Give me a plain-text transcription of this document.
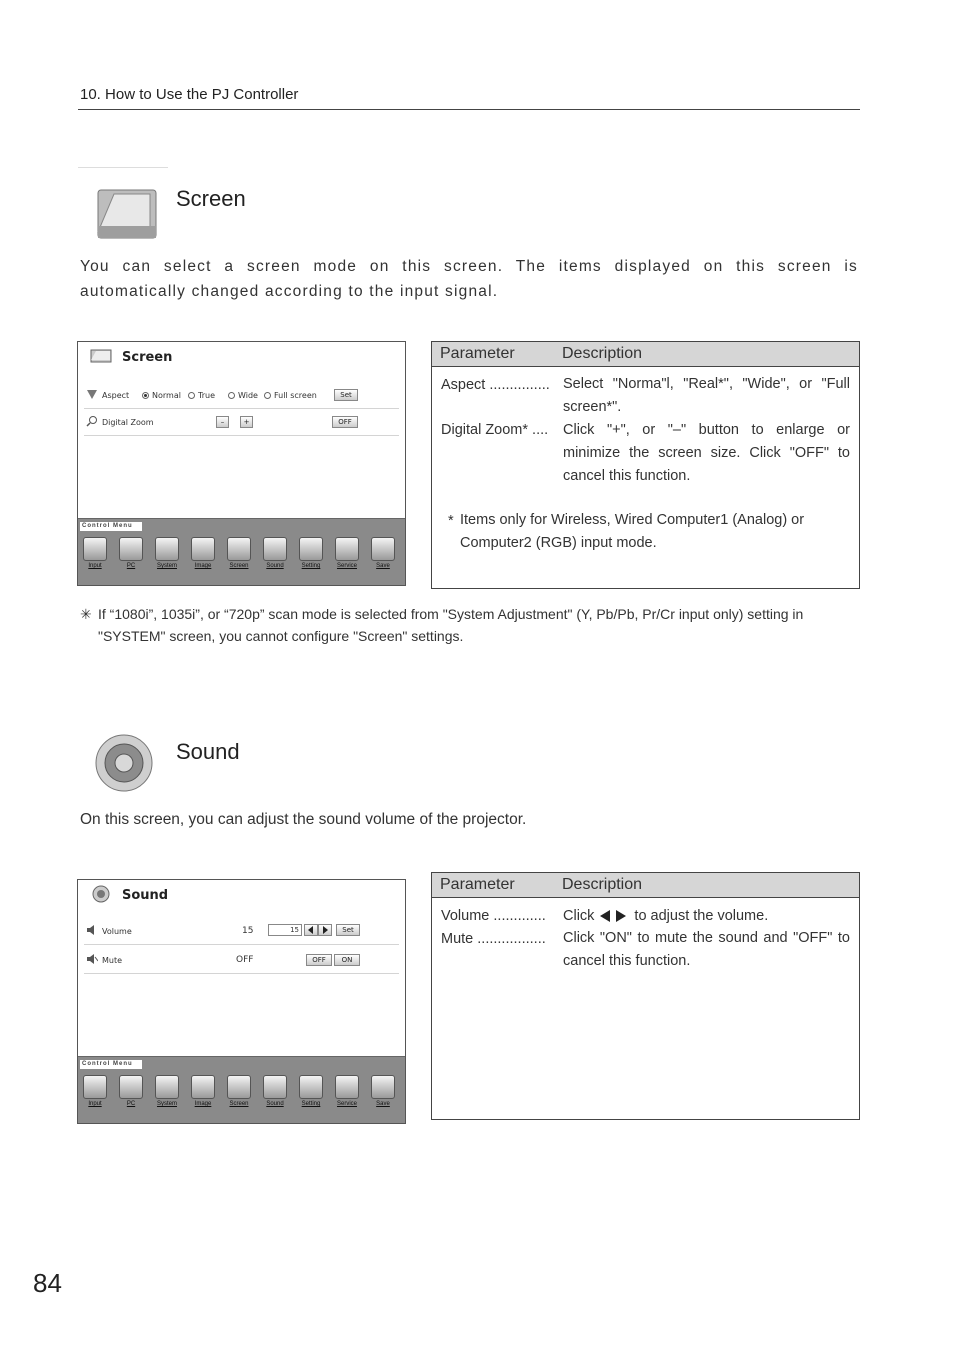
10. How to Use the PJ Controller
Screen
You can select a screen mode on this screen. The items displayed on this screen is automatically changed according to the input signal.
Screen
Aspect	Normal True	Wide Full screen	Set
Digital Zoom	–	+	OFF
Control Menu
Input	PC	System	Image	Screen	Sound	Setting	Service	Save
Parameter	Description
Aspect ............... Select "Norma"l, "Real*", "Wide", or "Full screen*".
Digital Zoom* .... Click "+", or "–" button to enlarge or minimize the screen size. Click "OFF" to cancel this function.
* Items only for Wireless, Wired Computer1 (Analog) or Computer2 (RGB) input mode.
✳ If “1080i”, 1035i”, or “720p” scan mode is selected from "System Adjustment" (Y, Pb/Pb, Pr/Cr input only) setting in "SYSTEM" screen, you cannot configure "Screen" settings.
Sound
On this screen, you can adjust the sound volume of the projector.
Sound
Volume	15	15	Set
Mute	OFF	OFF	ON
Control Menu
Input	PC	System	Image	Screen	Sound	Setting	Service	Save
Parameter	Description
Volume ............. Click	to adjust the volume.
Mute ................. Click "ON" to mute the sound and "OFF" to cancel this function.
84
